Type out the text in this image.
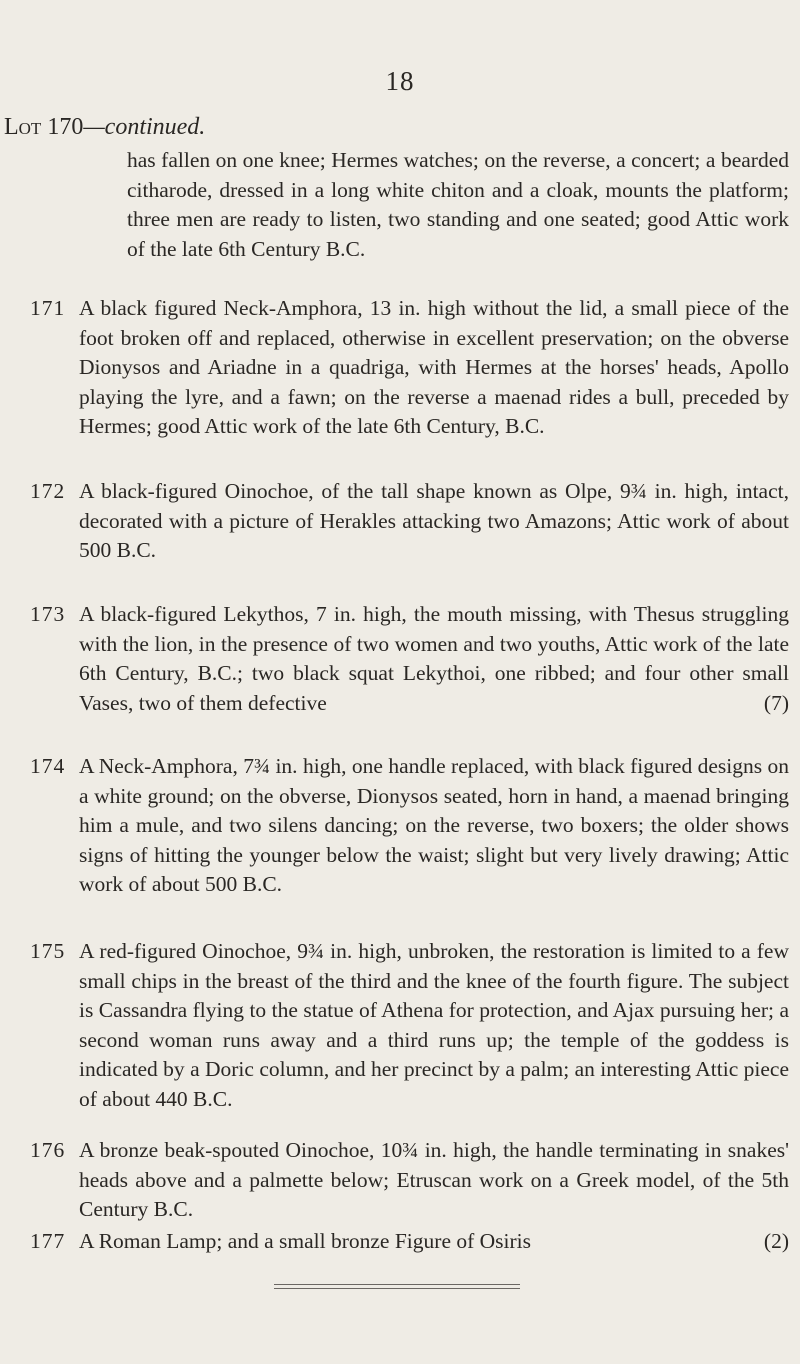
18
Lot 170—continued.
has fallen on one knee; Hermes watches; on the reverse, a concert; a bearded citharode, dressed in a long white chiton and a cloak, mounts the platform; three men are ready to listen, two standing and one seated; good Attic work of the late 6th Century B.C.
171 A black figured Neck-Amphora, 13 in. high without the lid, a small piece of the foot broken off and replaced, otherwise in excellent preservation; on the obverse Dionysos and Ariadne in a quadriga, with Hermes at the horses' heads, Apollo playing the lyre, and a fawn; on the reverse a maenad rides a bull, preceded by Hermes; good Attic work of the late 6th Century, B.C.
172 A black-figured Oinochoe, of the tall shape known as Olpe, 9¾ in. high, intact, decorated with a picture of Herakles attacking two Amazons; Attic work of about 500 B.C.
173 A black-figured Lekythos, 7 in. high, the mouth missing, with Thesus struggling with the lion, in the presence of two women and two youths, Attic work of the late 6th Century, B.C.; two black squat Lekythoi, one ribbed; and four other small Vases, two of them defective	(7)
174 A Neck-Amphora, 7¾ in. high, one handle replaced, with black figured designs on a white ground; on the obverse, Dionysos seated, horn in hand, a maenad bringing him a mule, and two silens dancing; on the reverse, two boxers; the older shows signs of hitting the younger below the waist; slight but very lively drawing; Attic work of about 500 B.C.
175 A red-figured Oinochoe, 9¾ in. high, unbroken, the restoration is limited to a few small chips in the breast of the third and the knee of the fourth figure. The subject is Cassandra flying to the statue of Athena for protection, and Ajax pursuing her; a second woman runs away and a third runs up; the temple of the goddess is indicated by a Doric column, and her precinct by a palm; an interesting Attic piece of about 440 B.C.
176 A bronze beak-spouted Oinochoe, 10¾ in. high, the handle terminating in snakes' heads above and a palmette below; Etruscan work on a Greek model, of the 5th Century B.C.
177 A Roman Lamp; and a small bronze Figure of Osiris	(2)
